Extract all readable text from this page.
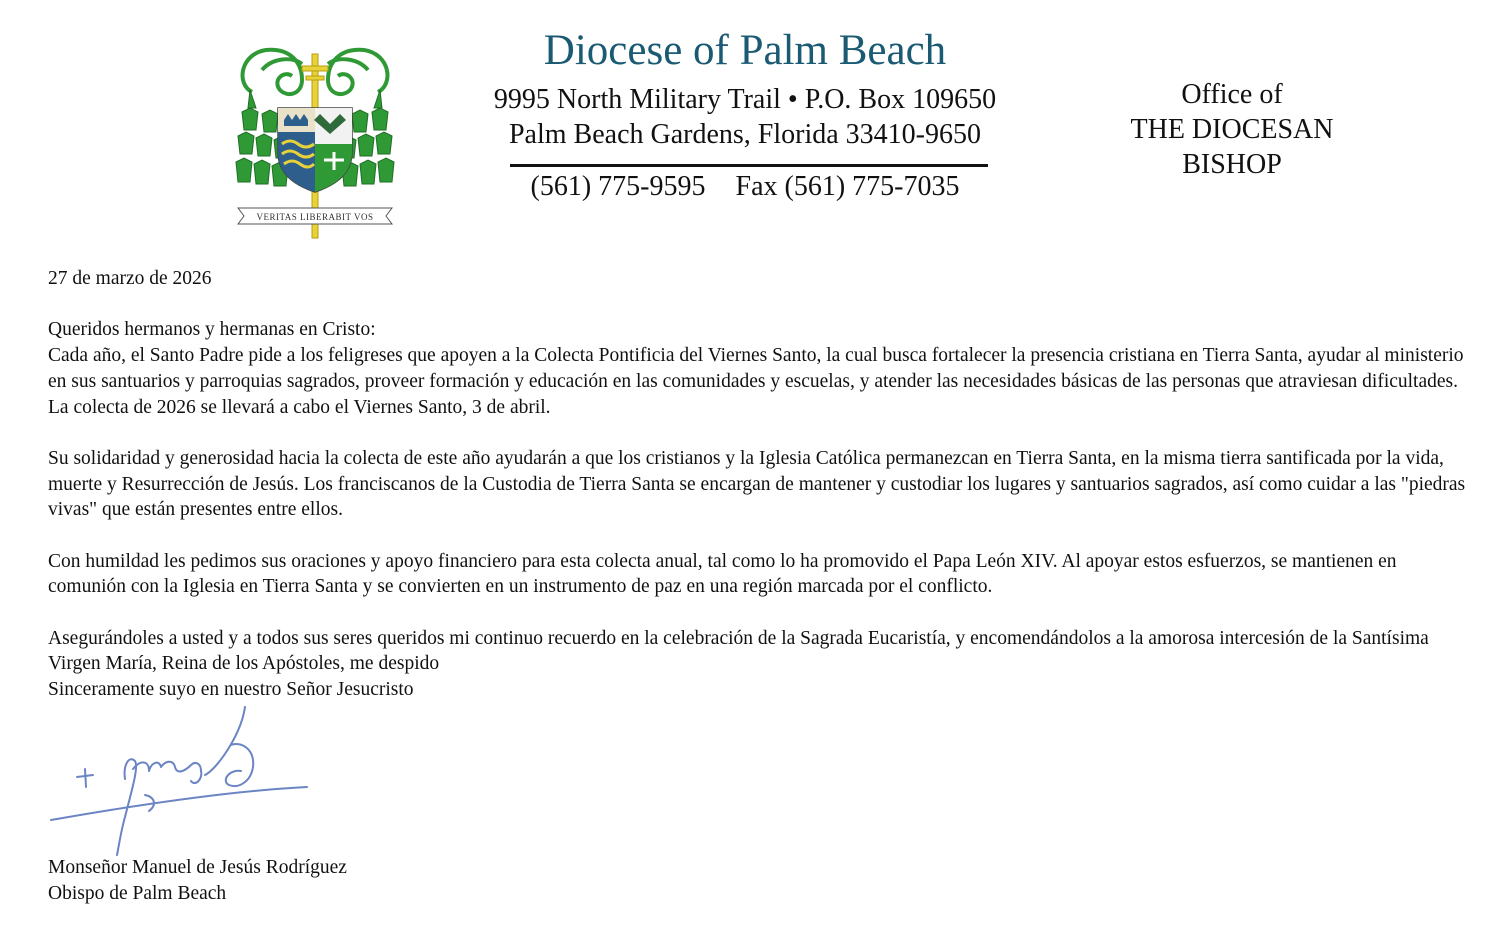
VERITAS LIBERABIT VOS
Diocese of Palm Beach
9995 North Military Trail • P.O. Box 109650
Palm Beach Gardens, Florida 33410-9650
(561) 775-9595 Fax (561) 775-7035
Office of
THE DIOCESAN
BISHOP

27 de marzo de 2026

Queridos hermanos y hermanas en Cristo:

Cada año, el Santo Padre pide a los feligreses que apoyen a la Colecta Pontificia del Viernes Santo, la cual busca fortalecer la presencia cristiana en Tierra Santa, ayudar al ministerio en sus santuarios y parroquias sagrados, proveer formación y educación en las comunidades y escuelas, y atender las necesidades básicas de las personas que atraviesan dificultades. La colecta de 2026 se llevará a cabo el Viernes Santo, 3 de abril.

Su solidaridad y generosidad hacia la colecta de este año ayudarán a que los cristianos y la Iglesia Católica permanezcan en Tierra Santa, en la misma tierra santificada por la vida, muerte y Resurrección de Jesús. Los franciscanos de la Custodia de Tierra Santa se encargan de mantener y custodiar los lugares y santuarios sagrados, así como cuidar a las "piedras vivas" que están presentes entre ellos.

Con humildad les pedimos sus oraciones y apoyo financiero para esta colecta anual, tal como lo ha promovido el Papa León XIV. Al apoyar estos esfuerzos, se mantienen en comunión con la Iglesia en Tierra Santa y se convierten en un instrumento de paz en una región marcada por el conflicto.

Asegurándoles a usted y a todos sus seres queridos mi continuo recuerdo en la celebración de la Sagrada Eucaristía, y encomendándolos a la amorosa intercesión de la Santísima Virgen María, Reina de los Apóstoles, me despido

Sinceramente suyo en nuestro Señor Jesucristo

Monseñor Manuel de Jesús Rodríguez
Obispo de Palm Beach
